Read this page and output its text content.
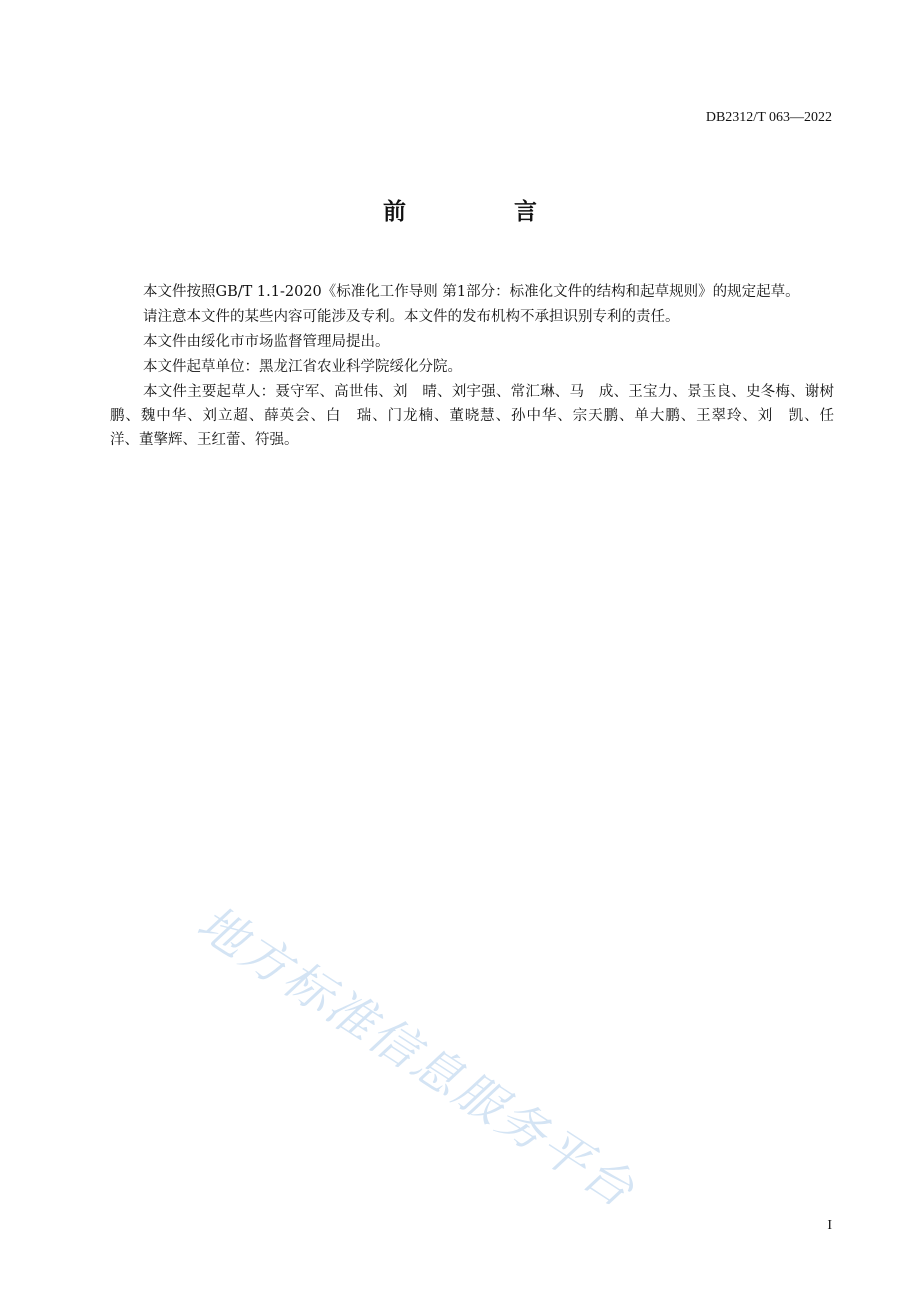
DB2312/T 063—2022
前 言

本文件按照GB/T 1.1-2020《标准化工作导则 第1部分：标准化文件的结构和起草规则》的规定起草。

请注意本文件的某些内容可能涉及专利。本文件的发布机构不承担识别专利的责任。

本文件由绥化市市场监督管理局提出。

本文件起草单位：黑龙江省农业科学院绥化分院。

本文件主要起草人：聂守军、高世伟、刘　晴、刘宇强、常汇琳、马　成、王宝力、景玉良、史冬梅、谢树鹏、魏中华、刘立超、薛英会、白　瑞、门龙楠、董晓慧、孙中华、宗天鹏、单大鹏、王翠玲、刘　凯、任　洋、董擎辉、王红蕾、符强。

地方标准信息服务平台
I
